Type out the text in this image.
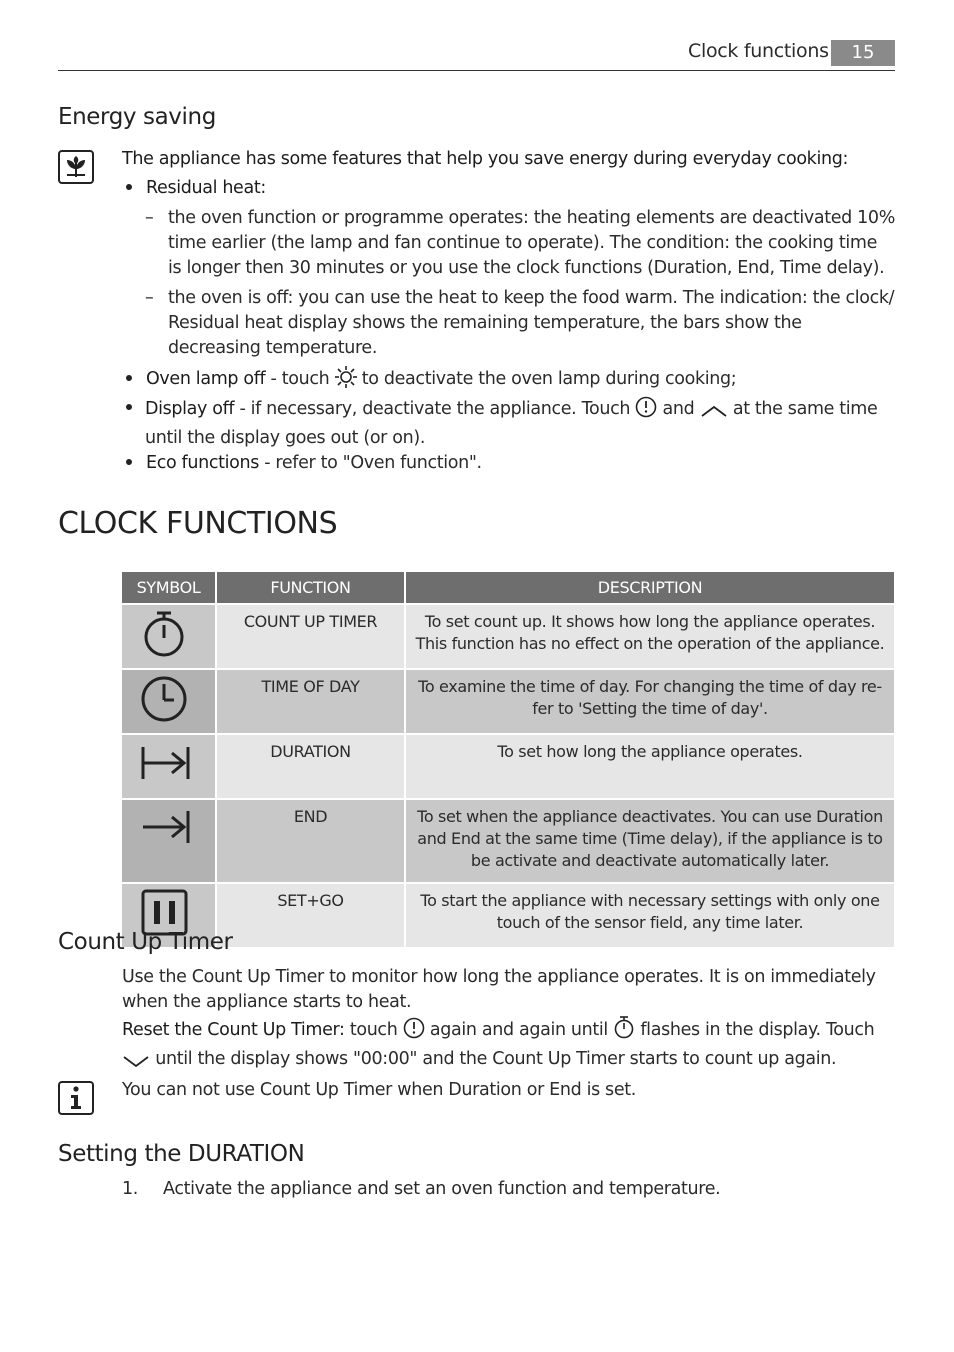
Clock functions	15
Energy saving
The appliance has some features that help you save energy during everyday cooking:
Residual heat:
– the oven function or programme operates: the heating elements are deactivated 10% time earlier (the lamp and fan continue to operate). The condition: the cooking time is longer then 30 minutes or you use the clock functions (Duration, End, Time delay).
– the oven is off: you can use the heat to keep the food warm. The indication: the clock/ Residual heat display shows the remaining temperature, the bars show the decreasing temperature.
Oven lamp off - touch  to deactivate the oven lamp during cooking;
Display off - if necessary, deactivate the appliance. Touch  and  at the same time until the display goes out (or on).
Eco functions - refer to "Oven function".
CLOCK FUNCTIONS
SYMBOL	FUNCTION	DESCRIPTION
	COUNT UP TIMER	To set count up. It shows how long the appliance operates. This function has no effect on the operation of the appliance.
	TIME OF DAY	To examine the time of day. For changing the time of day re-fer to 'Setting the time of day'.
	DURATION	To set how long the appliance operates.
	END	To set when the appliance deactivates. You can use Duration and End at the same time (Time delay), if the appliance is to be activate and deactivate automatically later.
	SET+GO	To start the appliance with necessary settings with only one touch of the sensor field, any time later.
Count Up Timer
Use the Count Up Timer to monitor how long the appliance operates. It is on immediately when the appliance starts to heat.
Reset the Count Up Timer: touch  again and again until  flashes in the display. Touch  until the display shows "00:00" and the Count Up Timer starts to count up again.
You can not use Count Up Timer when Duration or End is set.
Setting the DURATION
1. Activate the appliance and set an oven function and temperature.
